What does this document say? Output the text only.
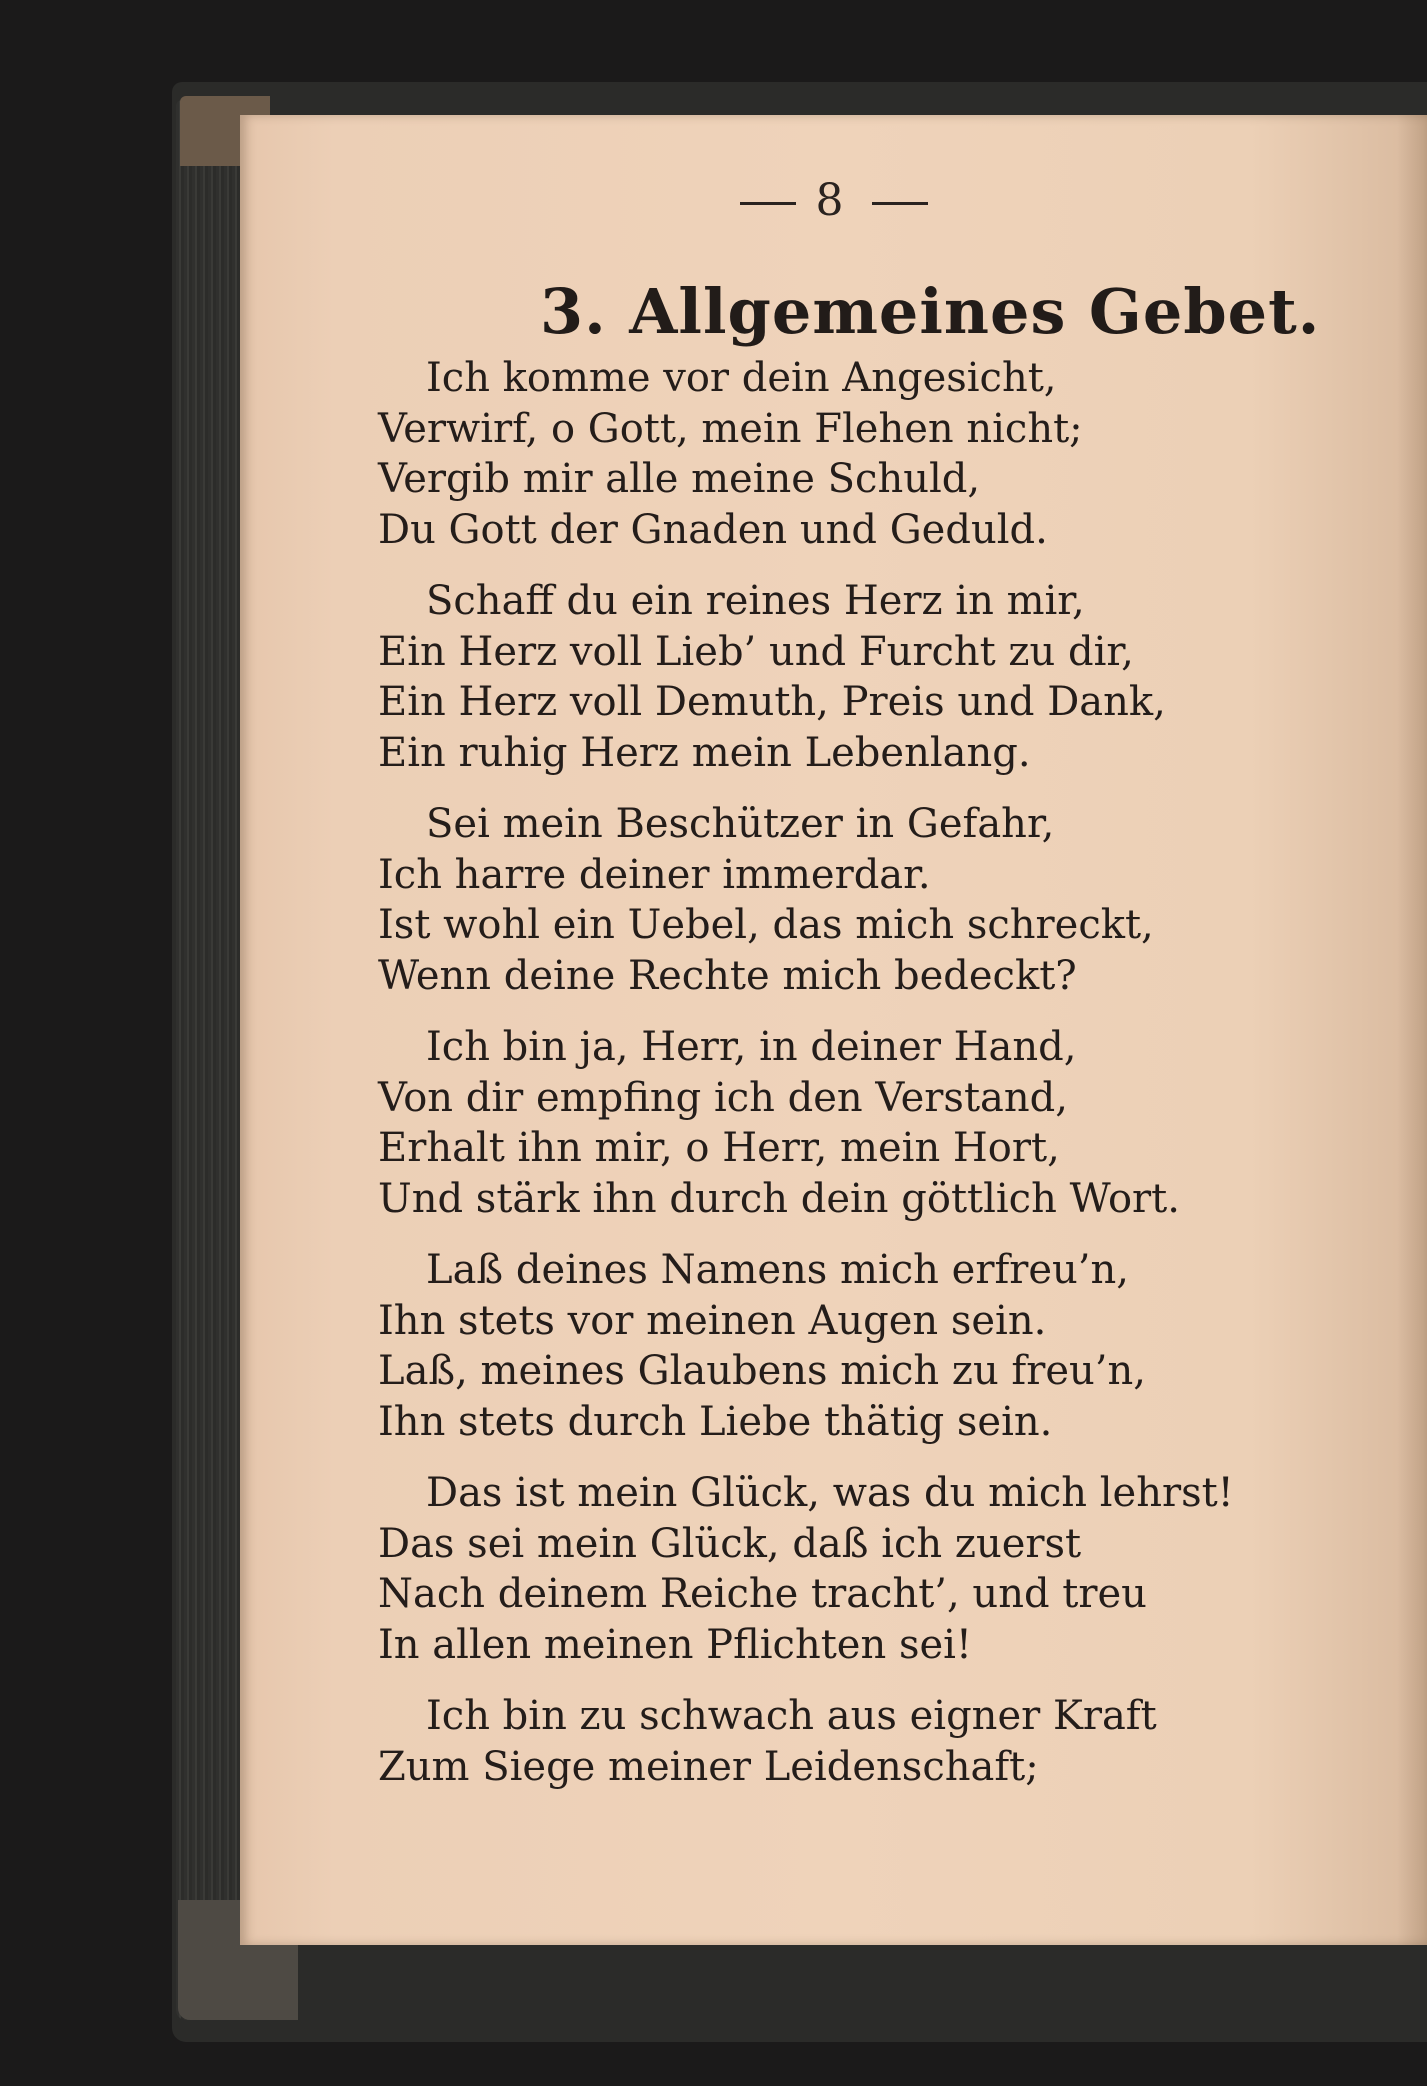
8
3. Allgemeines Gebet.
Ich komme vor dein Angesicht,
Verwirf, o Gott, mein Flehen nicht;
Vergib mir alle meine Schuld,
Du Gott der Gnaden und Geduld.
Schaff du ein reines Herz in mir,
Ein Herz voll Lieb’ und Furcht zu dir,
Ein Herz voll Demuth, Preis und Dank,
Ein ruhig Herz mein Lebenlang.
Sei mein Beschützer in Gefahr,
Ich harre deiner immerdar.
Ist wohl ein Uebel, das mich schreckt,
Wenn deine Rechte mich bedeckt?
Ich bin ja, Herr, in deiner Hand,
Von dir empfing ich den Verstand,
Erhalt ihn mir, o Herr, mein Hort,
Und stärk ihn durch dein göttlich Wort.
Laß deines Namens mich erfreu’n,
Ihn stets vor meinen Augen sein.
Laß, meines Glaubens mich zu freu’n,
Ihn stets durch Liebe thätig sein.
Das ist mein Glück, was du mich lehrst!
Das sei mein Glück, daß ich zuerst
Nach deinem Reiche tracht’, und treu
In allen meinen Pflichten sei!
Ich bin zu schwach aus eigner Kraft
Zum Siege meiner Leidenschaft;
